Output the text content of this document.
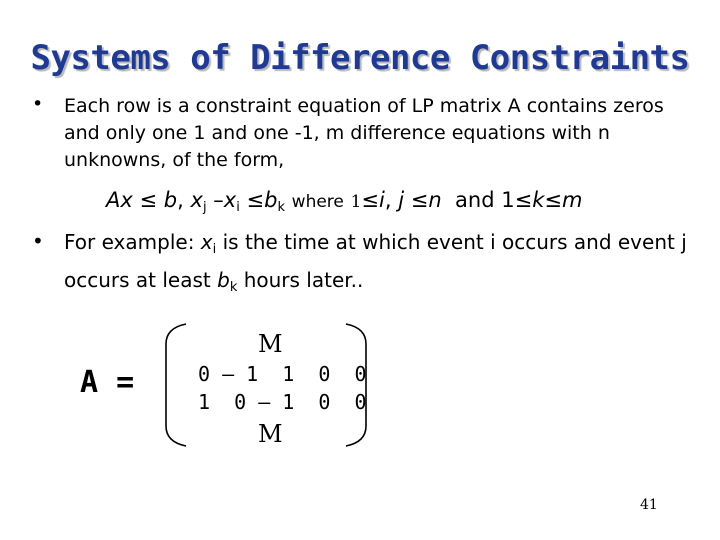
Systems of Difference Constraints
• Each row is a constraint equation of LP matrix A contains zeros and only one 1 and one -1, m difference equations with n unknowns, of the form,
Ax ≤ b, $x_j$ $-x_i \le b_k$ where 1≤i, j ≤n and 1≤k≤m
• For example: $x_i$ is the time at which event i occurs and event j occurs at least $b_k$ hours later..
A =
M
0 – 1  1  0  0
1  0 – 1  0  0
M
41
